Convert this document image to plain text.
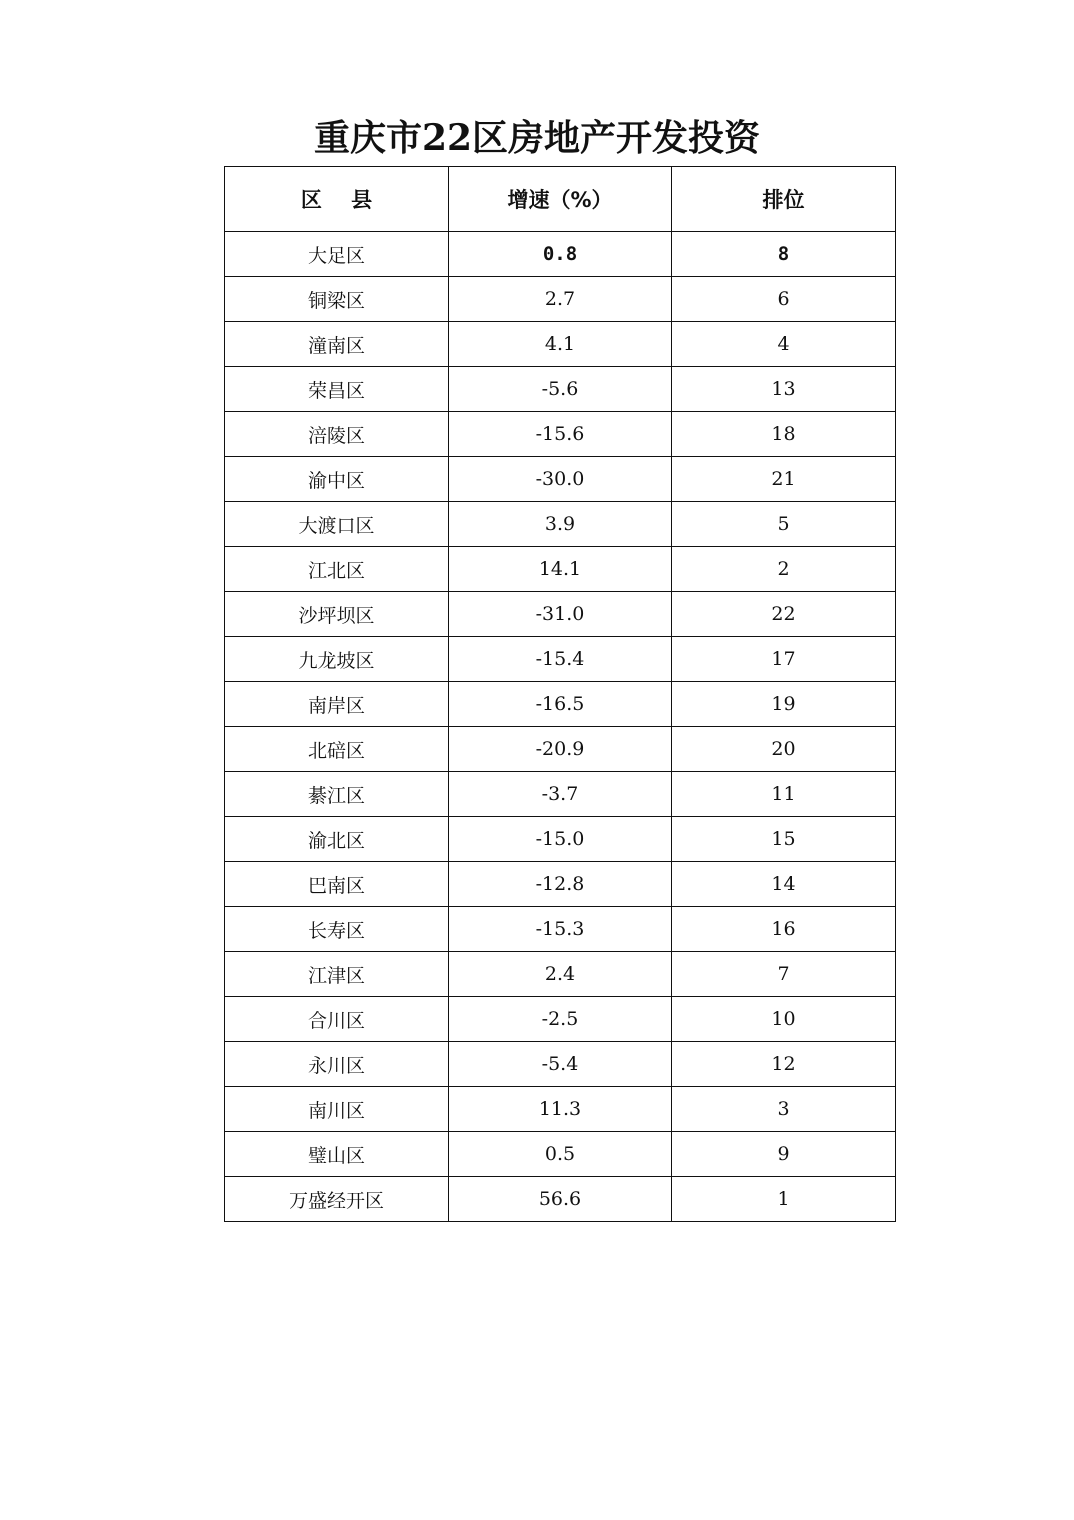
重庆市22区房地产开发投资
区    县	增速（%）	排位
大足区	0.8	8
铜梁区	2.7	6
潼南区	4.1	4
荣昌区	-5.6	13
涪陵区	-15.6	18
渝中区	-30.0	21
大渡口区	3.9	5
江北区	14.1	2
沙坪坝区	-31.0	22
九龙坡区	-15.4	17
南岸区	-16.5	19
北碚区	-20.9	20
綦江区	-3.7	11
渝北区	-15.0	15
巴南区	-12.8	14
长寿区	-15.3	16
江津区	2.4	7
合川区	-2.5	10
永川区	-5.4	12
南川区	11.3	3
璧山区	0.5	9
万盛经开区	56.6	1
